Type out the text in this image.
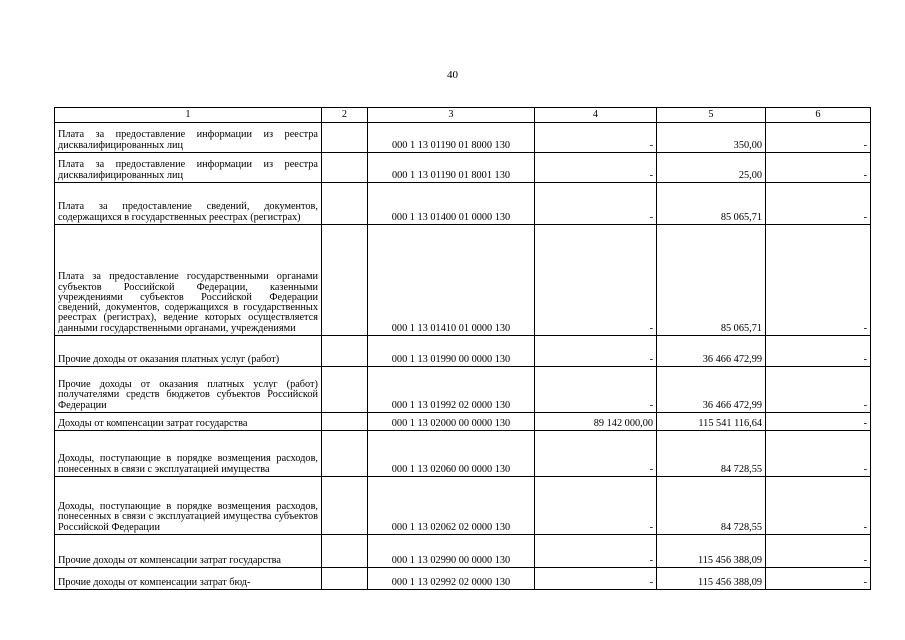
40
1	2	3	4	5	6
Плата за предоставление информации из реестра дисквалифицированных лиц		000 1 13 01190 01 8000 130	-	350,00	-
Плата за предоставление информации из реестра дисквалифицированных лиц		000 1 13 01190 01 8001 130	-	25,00	-
Плата за предоставление сведений, документов, содержащихся в государственных реестрах (регистрах)		000 1 13 01400 01 0000 130	-	85 065,71	-
Плата за предоставление государственными органами субъектов Российской Федерации, казенными учреждениями субъектов Российской Федерации сведений, документов, содержащихся в государственных реестрах (регистрах), ведение которых осуществляется данными государственными органами, учреждениями		000 1 13 01410 01 0000 130	-	85 065,71	-
Прочие доходы от оказания платных услуг (работ)		000 1 13 01990 00 0000 130	-	36 466 472,99	-
Прочие доходы от оказания платных услуг (работ) получателями средств бюджетов субъектов Российской Федерации		000 1 13 01992 02 0000 130	-	36 466 472,99	-
Доходы от компенсации затрат государства		000 1 13 02000 00 0000 130	89 142 000,00	115 541 116,64	-
Доходы, поступающие в порядке возмещения расходов, понесенных в связи с эксплуатацией имущества		000 1 13 02060 00 0000 130	-	84 728,55	-
Доходы, поступающие в порядке возмещения расходов, понесенных в связи с эксплуатацией имущества субъектов Российской Федерации		000 1 13 02062 02 0000 130	-	84 728,55	-
Прочие доходы от компенсации затрат государства		000 1 13 02990 00 0000 130	-	115 456 388,09	-
Прочие доходы от компенсации затрат бюд-		000 1 13 02992 02 0000 130	-	115 456 388,09	-
